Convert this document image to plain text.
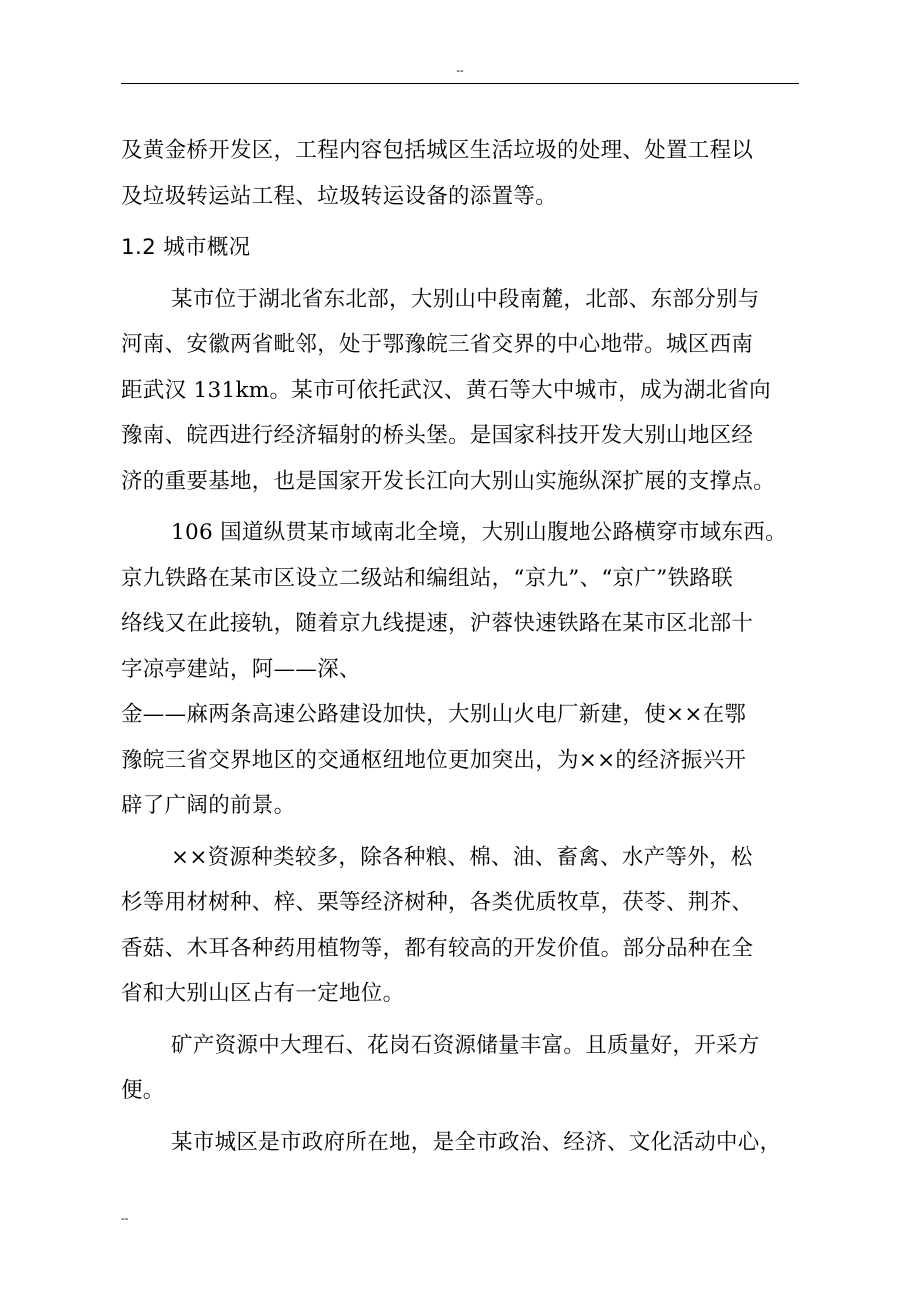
--
及黄金桥开发区，工程内容包括城区生活垃圾的处理、处置工程以
及垃圾转运站工程、垃圾转运设备的添置等。
1.2 城市概况
某市位于湖北省东北部，大别山中段南麓，北部、东部分别与
河南、安徽两省毗邻，处于鄂豫皖三省交界的中心地带。城区西南
距武汉 131km。某市可依托武汉、黄石等大中城市，成为湖北省向
豫南、皖西进行经济辐射的桥头堡。是国家科技开发大别山地区经
济的重要基地，也是国家开发长江向大别山实施纵深扩展的支撑点。
106 国道纵贯某市域南北全境，大别山腹地公路横穿市域东西。
京九铁路在某市区设立二级站和编组站，“京九”、“京广”铁路联
络线又在此接轨，随着京九线提速，沪蓉快速铁路在某市区北部十
字凉亭建站，阿——深、
金——麻两条高速公路建设加快，大别山火电厂新建，使××在鄂
豫皖三省交界地区的交通枢纽地位更加突出，为××的经济振兴开
辟了广阔的前景。
××资源种类较多，除各种粮、棉、油、畜禽、水产等外，松
杉等用材树种、梓、栗等经济树种，各类优质牧草，茯苓、荆芥、
香菇、木耳各种药用植物等，都有较高的开发价值。部分品种在全
省和大别山区占有一定地位。
矿产资源中大理石、花岗石资源储量丰富。且质量好，开采方
便。
某市城区是市政府所在地，是全市政治、经济、文化活动中心，
--
